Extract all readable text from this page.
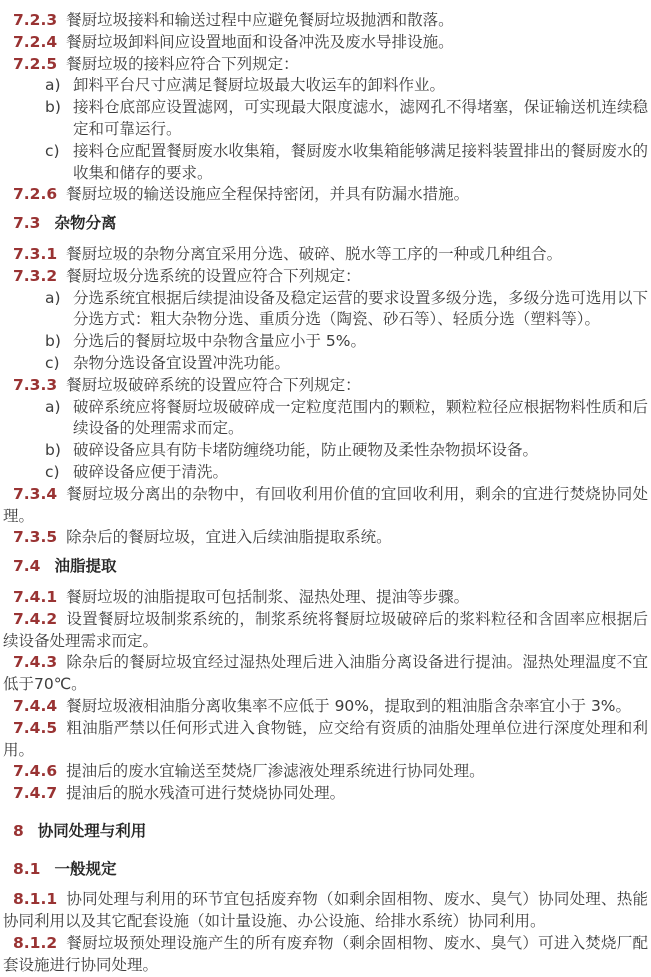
7.2.3 餐厨垃圾接料和输送过程中应避免餐厨垃圾抛洒和散落。

7.2.4 餐厨垃圾卸料间应设置地面和设备冲洗及废水导排设施。

7.2.5 餐厨垃圾的接料应符合下列规定：

a) 卸料平台尺寸应满足餐厨垃圾最大收运车的卸料作业。

b) 接料仓底部应设置滤网，可实现最大限度滤水，滤网孔不得堵塞，保证输送机连续稳定和可靠运行。

c) 接料仓应配置餐厨废水收集箱，餐厨废水收集箱能够满足接料装置排出的餐厨废水的收集和储存的要求。

7.2.6 餐厨垃圾的输送设施应全程保持密闭，并具有防漏水措施。

7.3 杂物分离

7.3.1 餐厨垃圾的杂物分离宜采用分选、破碎、脱水等工序的一种或几种组合。

7.3.2 餐厨垃圾分选系统的设置应符合下列规定：

a) 分选系统宜根据后续提油设备及稳定运营的要求设置多级分选，多级分选可选用以下分选方式：粗大杂物分选、重质分选（陶瓷、砂石等）、轻质分选（塑料等）。

b) 分选后的餐厨垃圾中杂物含量应小于 5%。

c) 杂物分选设备宜设置冲洗功能。

7.3.3 餐厨垃圾破碎系统的设置应符合下列规定：

a) 破碎系统应将餐厨垃圾破碎成一定粒度范围内的颗粒，颗粒粒径应根据物料性质和后续设备的处理需求而定。

b) 破碎设备应具有防卡堵防缠绕功能，防止硬物及柔性杂物损坏设备。

c) 破碎设备应便于清洗。

7.3.4 餐厨垃圾分离出的杂物中，有回收利用价值的宜回收利用，剩余的宜进行焚烧协同处理。

7.3.5 除杂后的餐厨垃圾，宜进入后续油脂提取系统。

7.4 油脂提取

7.4.1 餐厨垃圾的油脂提取可包括制浆、湿热处理、提油等步骤。

7.4.2 设置餐厨垃圾制浆系统的，制浆系统将餐厨垃圾破碎后的浆料粒径和含固率应根据后续设备处理需求而定。

7.4.3 除杂后的餐厨垃圾宜经过湿热处理后进入油脂分离设备进行提油。湿热处理温度不宜低于70℃。

7.4.4 餐厨垃圾液相油脂分离收集率不应低于 90%，提取到的粗油脂含杂率宜小于 3%。

7.4.5 粗油脂严禁以任何形式进入食物链，应交给有资质的油脂处理单位进行深度处理和利用。

7.4.6 提油后的废水宜输送至焚烧厂渗滤液处理系统进行协同处理。

7.4.7 提油后的脱水残渣可进行焚烧协同处理。

8 协同处理与利用

8.1 一般规定

8.1.1 协同处理与利用的环节宜包括废弃物（如剩余固相物、废水、臭气）协同处理、热能协同利用以及其它配套设施（如计量设施、办公设施、给排水系统）协同利用。

8.1.2 餐厨垃圾预处理设施产生的所有废弃物（剩余固相物、废水、臭气）可进入焚烧厂配套设施进行协同处理。
